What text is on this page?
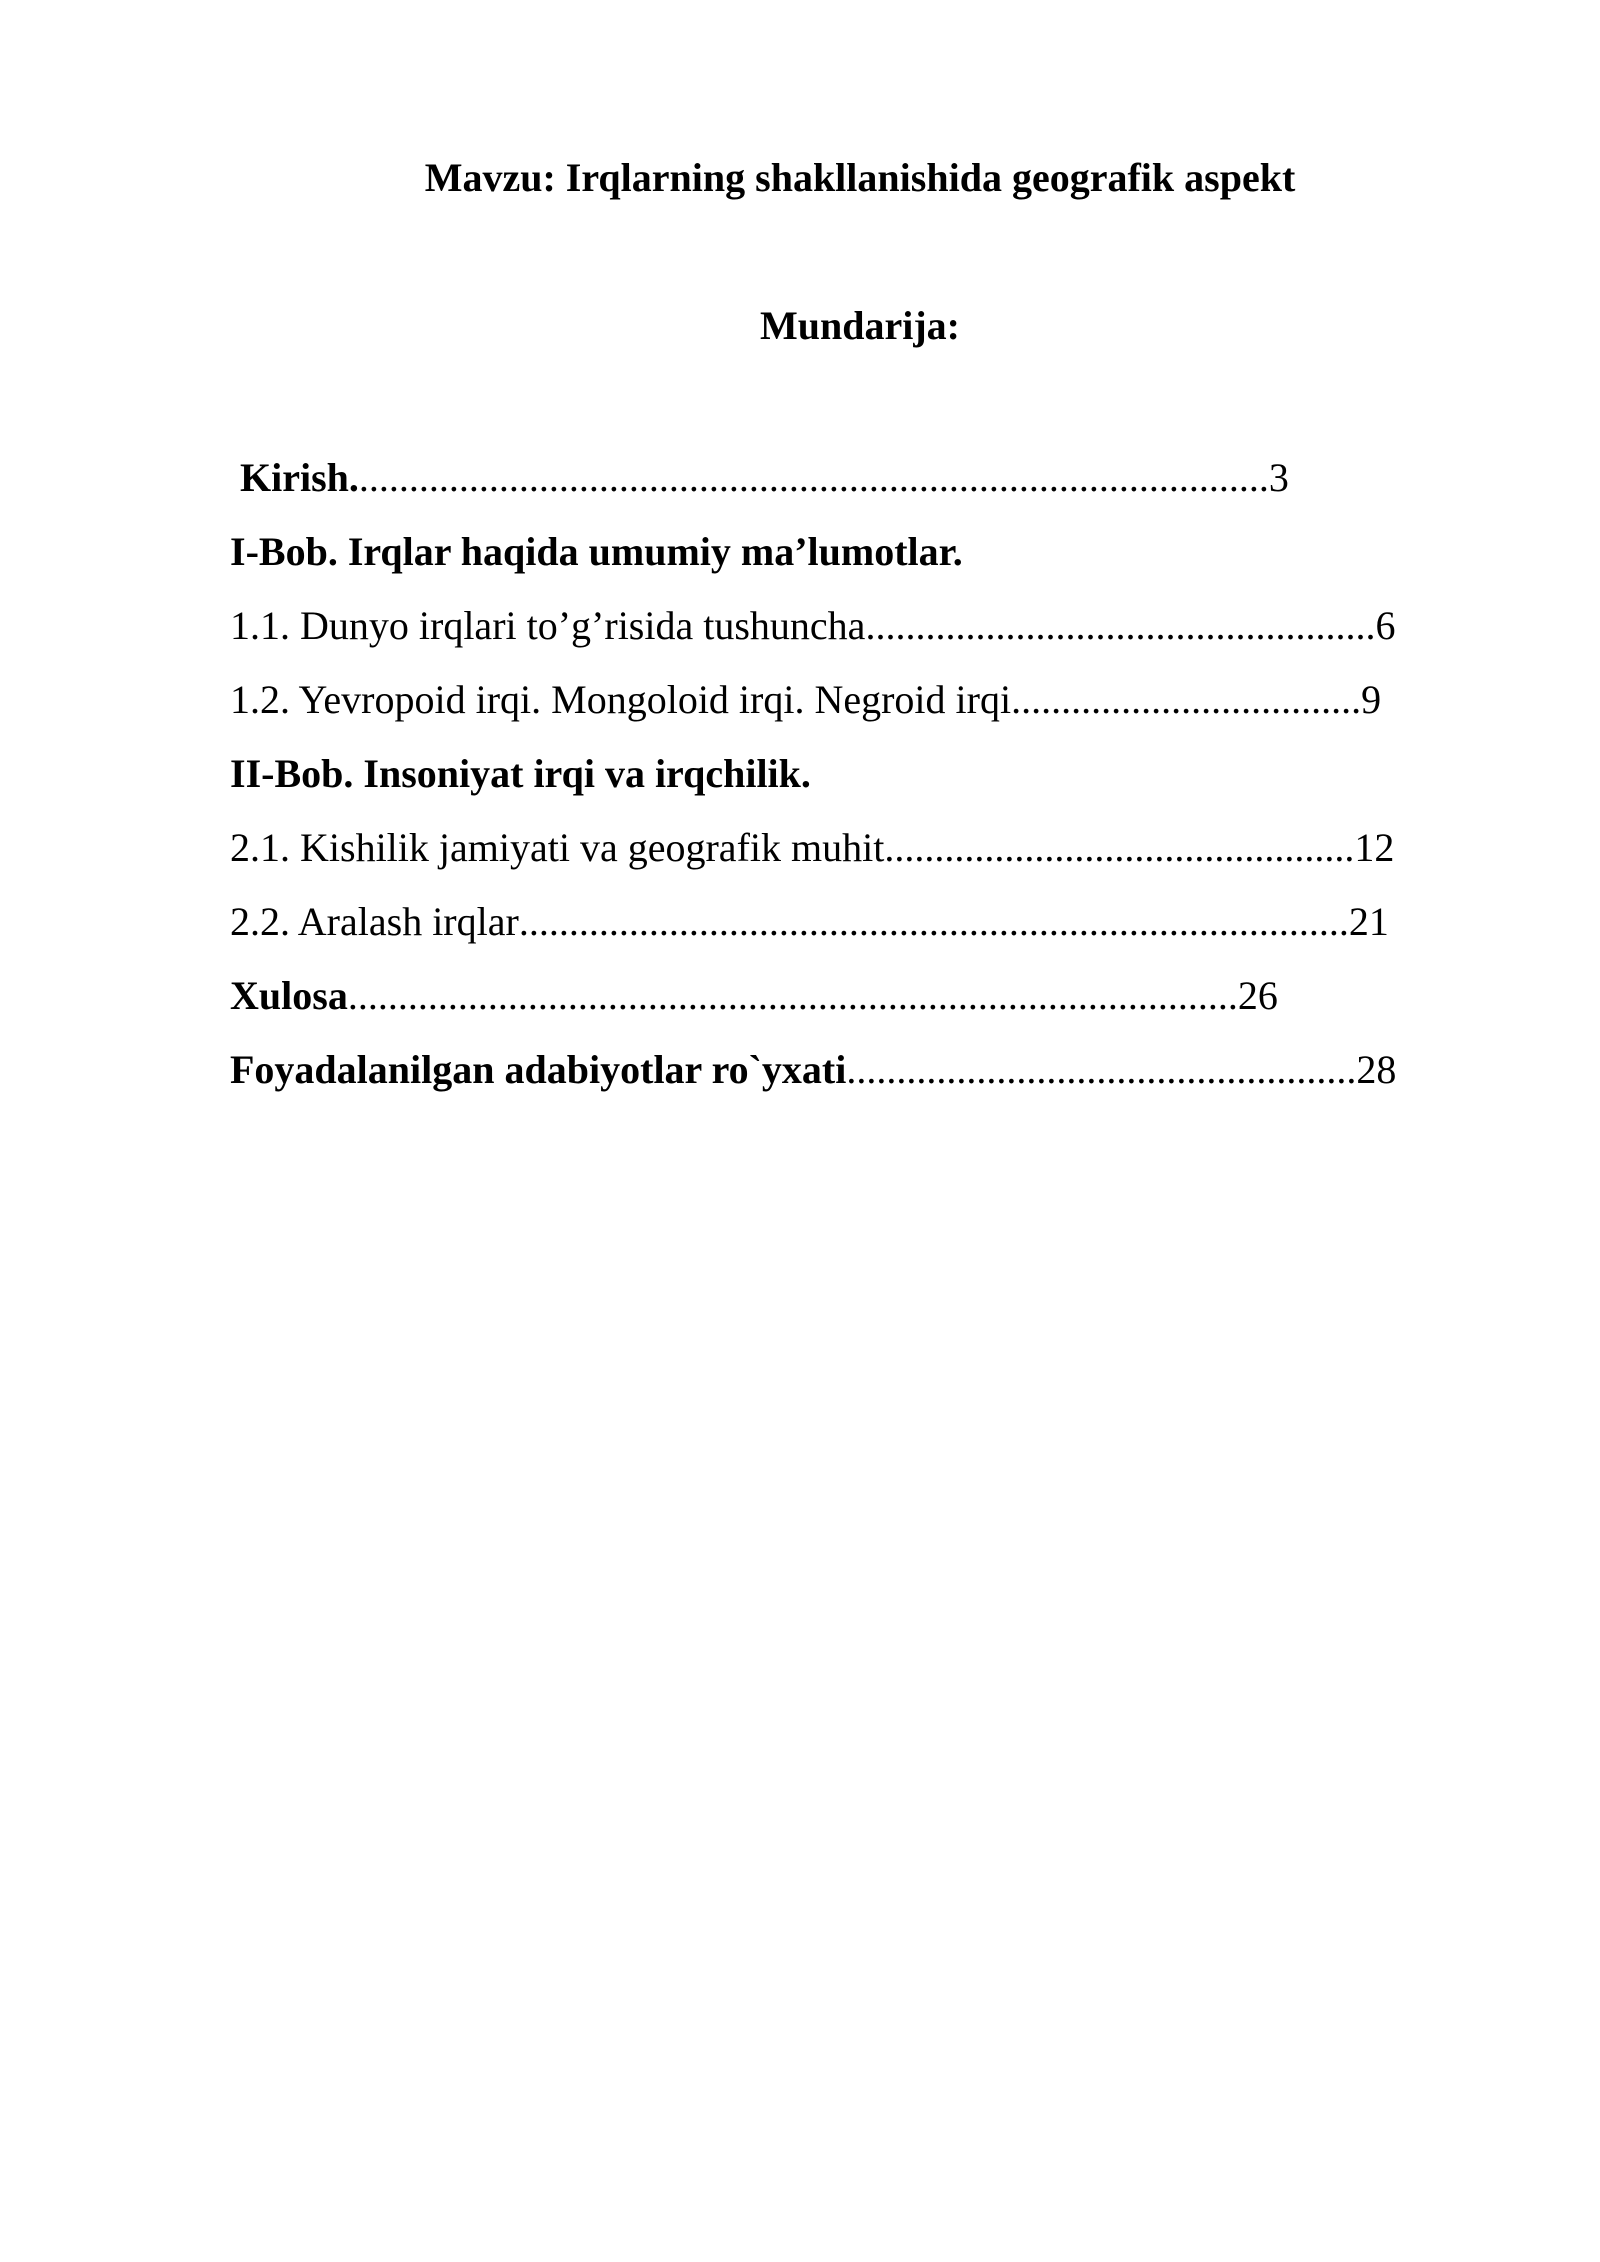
Mavzu: Irqlarning shakllanishida geografik aspekt
Mundarija:
Kirish. ........................................................................................... 3
I-Bob. Irqlar haqida umumiy ma’lumotlar.
1.1. Dunyo irqlari to’g’risida tushuncha ................................................... 6
1.2. Yevropoid irqi. Mongoloid irqi. Negroid irqi ................................... 9
II-Bob. Insoniyat irqi va irqchilik.
2.1. Kishilik jamiyati va geografik muhit ............................................... 12
2.2. Aralash irqlar ................................................................................... 21
Xulosa ......................................................................................... 26
Foyadalanilgan adabiyotlar ro`yxati ................................................... 28
